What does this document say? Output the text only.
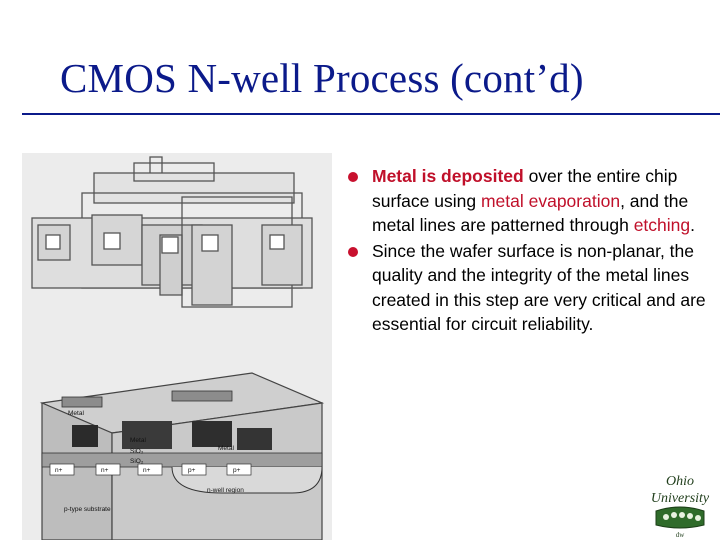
CMOS N-well Process (cont’d)
Metal
Metal
Metal
SiO₂
SiO₂
n+	n+	n+	p+	p+
n-well region
p-type substrate
Metal is deposited over the entire chip surface using metal evaporation, and the metal lines are patterned through etching.
Since the wafer surface is non-planar, the quality and the integrity of the metal lines created in this step are very critical and are essential for circuit reliability.
Ohio
University
dw
